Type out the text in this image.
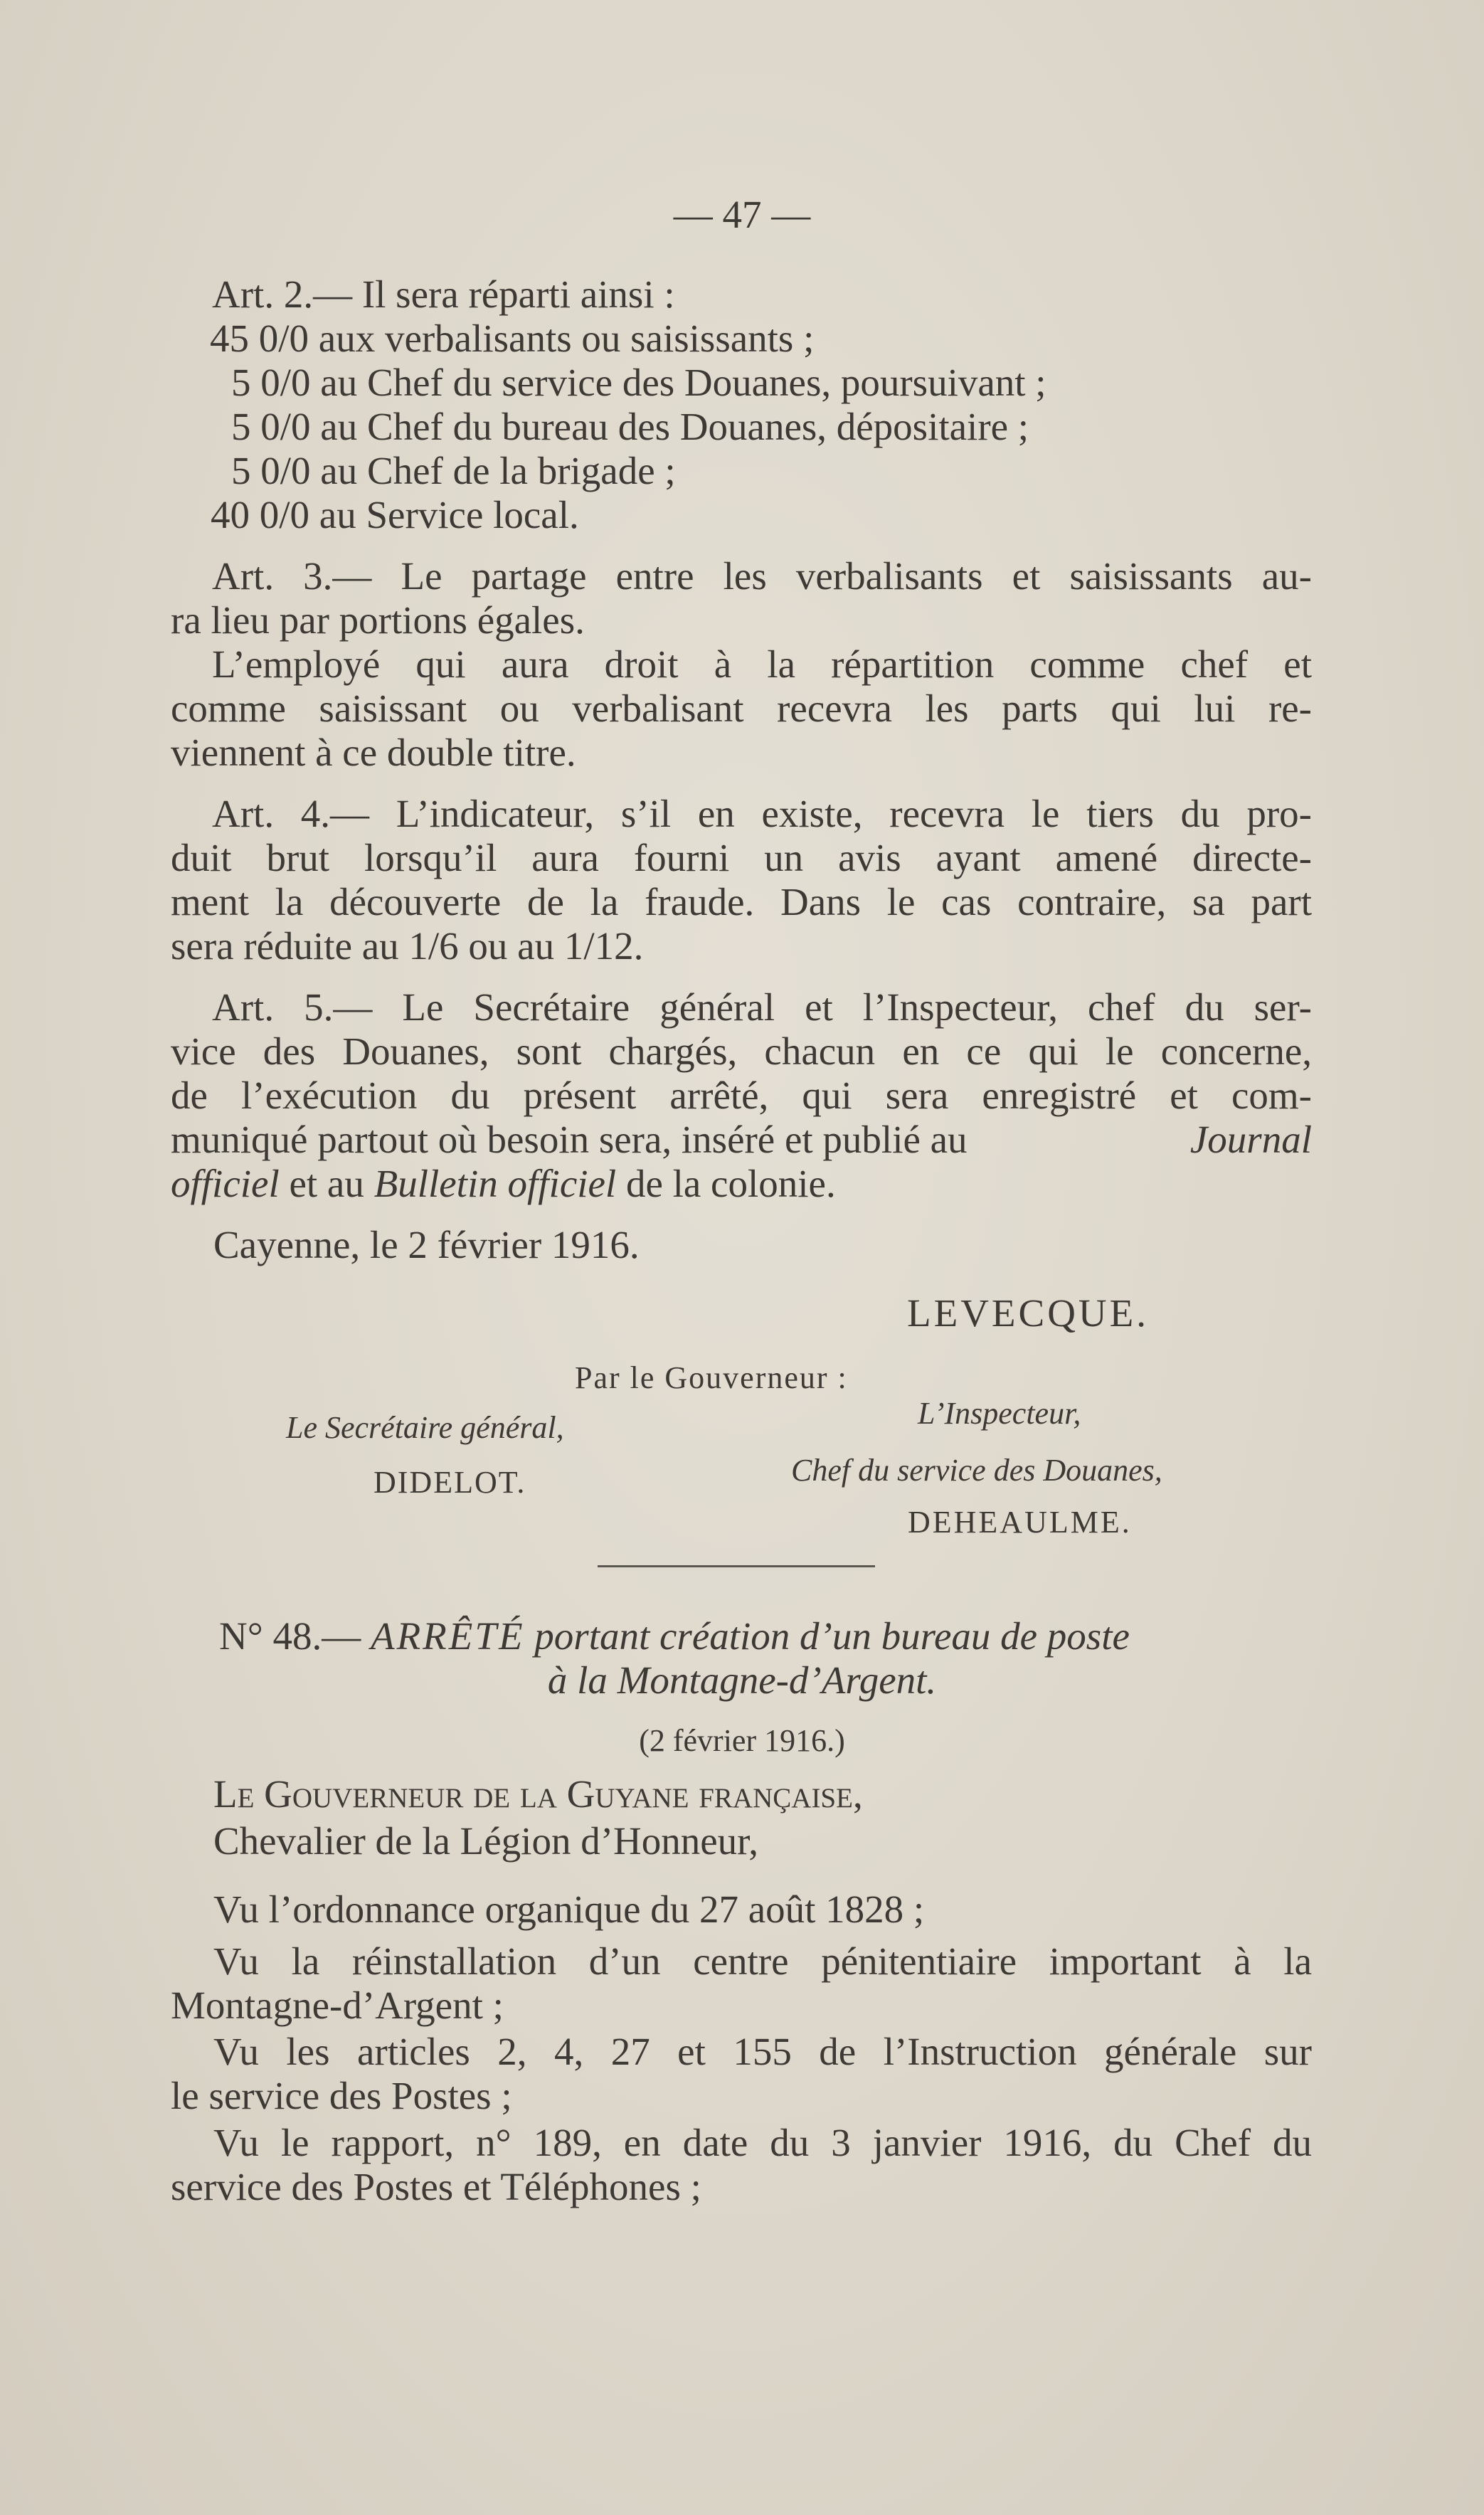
— 47 —
Art. 2.— Il sera réparti ainsi :
45 0/0 aux verbalisants ou saisissants ;
5 0/0 au Chef du service des Douanes, poursuivant ;
5 0/0 au Chef du bureau des Douanes, dépositaire ;
5 0/0 au Chef de la brigade ;
40 0/0 au Service local.
Art. 3.— Le partage entre les verbalisants et saisissants au-
ra lieu par portions égales.
L’employé qui aura droit à la répartition comme chef et
comme saisissant ou verbalisant recevra les parts qui lui re-
viennent à ce double titre.
Art. 4.— L’indicateur, s’il en existe, recevra le tiers du pro-
duit brut lorsqu’il aura fourni un avis ayant amené directe-
ment la découverte de la fraude. Dans le cas contraire, sa part
sera réduite au 1/6 ou au 1/12.
Art. 5.— Le Secrétaire général et l’Inspecteur, chef du ser-
vice des Douanes, sont chargés, chacun en ce qui le concerne,
de l’exécution du présent arrêté, qui sera enregistré et com-
muniqué partout où besoin sera, inséré et publié au	Journal
officiel et au Bulletin officiel de la colonie.
Cayenne, le 2 février 1916.
LEVECQUE.
Par le Gouverneur :
Le Secrétaire général,
DIDELOT.
L’Inspecteur,
Chef du service des Douanes,
DEHEAULME.
N° 48.— ARRÊTÉ portant création d’un bureau de poste
à la Montagne-d’Argent.
(2 février 1916.)
Le Gouverneur de la Guyane française,
Chevalier de la Légion d’Honneur,
Vu l’ordonnance organique du 27 août 1828 ;
Vu la réinstallation d’un centre pénitentiaire important à la
Montagne-d’Argent ;
Vu les articles 2, 4, 27 et 155 de l’Instruction générale sur
le service des Postes ;
Vu le rapport, n° 189, en date du 3 janvier 1916, du Chef du
service des Postes et Téléphones ;
